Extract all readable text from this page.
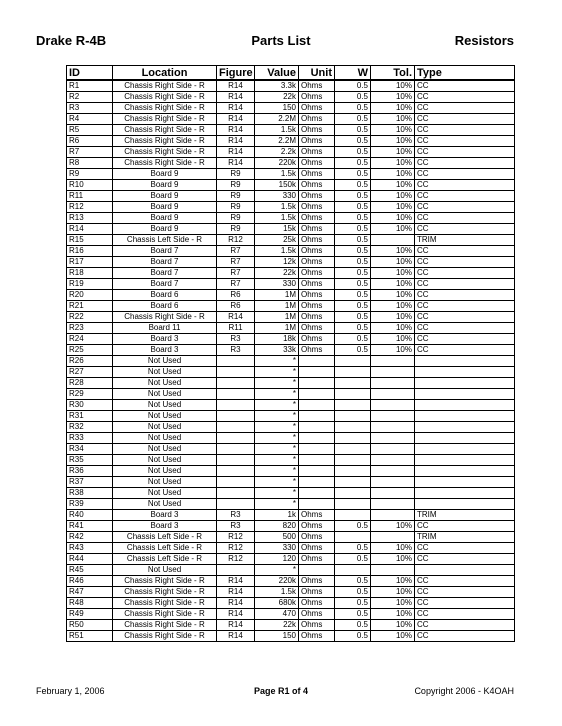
Drake R-4B	Parts List	Resistors
ID	Location	Figure	Value	Unit	W	Tol.	Type
R1	Chassis Right Side - R	R14	3.3k	Ohms	0.5	10%	CC
R2	Chassis Right Side - R	R14	22k	Ohms	0.5	10%	CC
R3	Chassis Right Side - R	R14	150	Ohms	0.5	10%	CC
R4	Chassis Right Side - R	R14	2.2M	Ohms	0.5	10%	CC
R5	Chassis Right Side - R	R14	1.5k	Ohms	0.5	10%	CC
R6	Chassis Right Side - R	R14	2.2M	Ohms	0.5	10%	CC
R7	Chassis Right Side - R	R14	2.2k	Ohms	0.5	10%	CC
R8	Chassis Right Side - R	R14	220k	Ohms	0.5	10%	CC
R9	Board 9	R9	1.5k	Ohms	0.5	10%	CC
R10	Board 9	R9	150k	Ohms	0.5	10%	CC
R11	Board 9	R9	330	Ohms	0.5	10%	CC
R12	Board 9	R9	1.5k	Ohms	0.5	10%	CC
R13	Board 9	R9	1.5k	Ohms	0.5	10%	CC
R14	Board 9	R9	15k	Ohms	0.5	10%	CC
R15	Chassis Left Side - R	R12	25k	Ohms	0.5		TRIM
R16	Board 7	R7	1.5k	Ohms	0.5	10%	CC
R17	Board 7	R7	12k	Ohms	0.5	10%	CC
R18	Board 7	R7	22k	Ohms	0.5	10%	CC
R19	Board 7	R7	330	Ohms	0.5	10%	CC
R20	Board 6	R6	1M	Ohms	0.5	10%	CC
R21	Board 6	R6	1M	Ohms	0.5	10%	CC
R22	Chassis Right Side - R	R14	1M	Ohms	0.5	10%	CC
R23	Board 11	R11	1M	Ohms	0.5	10%	CC
R24	Board 3	R3	18k	Ohms	0.5	10%	CC
R25	Board 3	R3	33k	Ohms	0.5	10%	CC
R26	Not Used		*				
R27	Not Used		*				
R28	Not Used		*				
R29	Not Used		*				
R30	Not Used		*				
R31	Not Used		*				
R32	Not Used		*				
R33	Not Used		*				
R34	Not Used		*				
R35	Not Used		*				
R36	Not Used		*				
R37	Not Used		*				
R38	Not Used		*				
R39	Not Used		*				
R40	Board 3	R3	1k	Ohms			TRIM
R41	Board 3	R3	820	Ohms	0.5	10%	CC
R42	Chassis Left Side - R	R12	500	Ohms			TRIM
R43	Chassis Left Side - R	R12	330	Ohms	0.5	10%	CC
R44	Chassis Left Side - R	R12	120	Ohms	0.5	10%	CC
R45	Not Used		*				
R46	Chassis Right Side - R	R14	220k	Ohms	0.5	10%	CC
R47	Chassis Right Side - R	R14	1.5k	Ohms	0.5	10%	CC
R48	Chassis Right Side - R	R14	680k	Ohms	0.5	10%	CC
R49	Chassis Right Side - R	R14	470	Ohms	0.5	10%	CC
R50	Chassis Right Side - R	R14	22k	Ohms	0.5	10%	CC
R51	Chassis Right Side - R	R14	150	Ohms	0.5	10%	CC
February 1, 2006	Page R1 of 4	Copyright 2006 - K4OAH
